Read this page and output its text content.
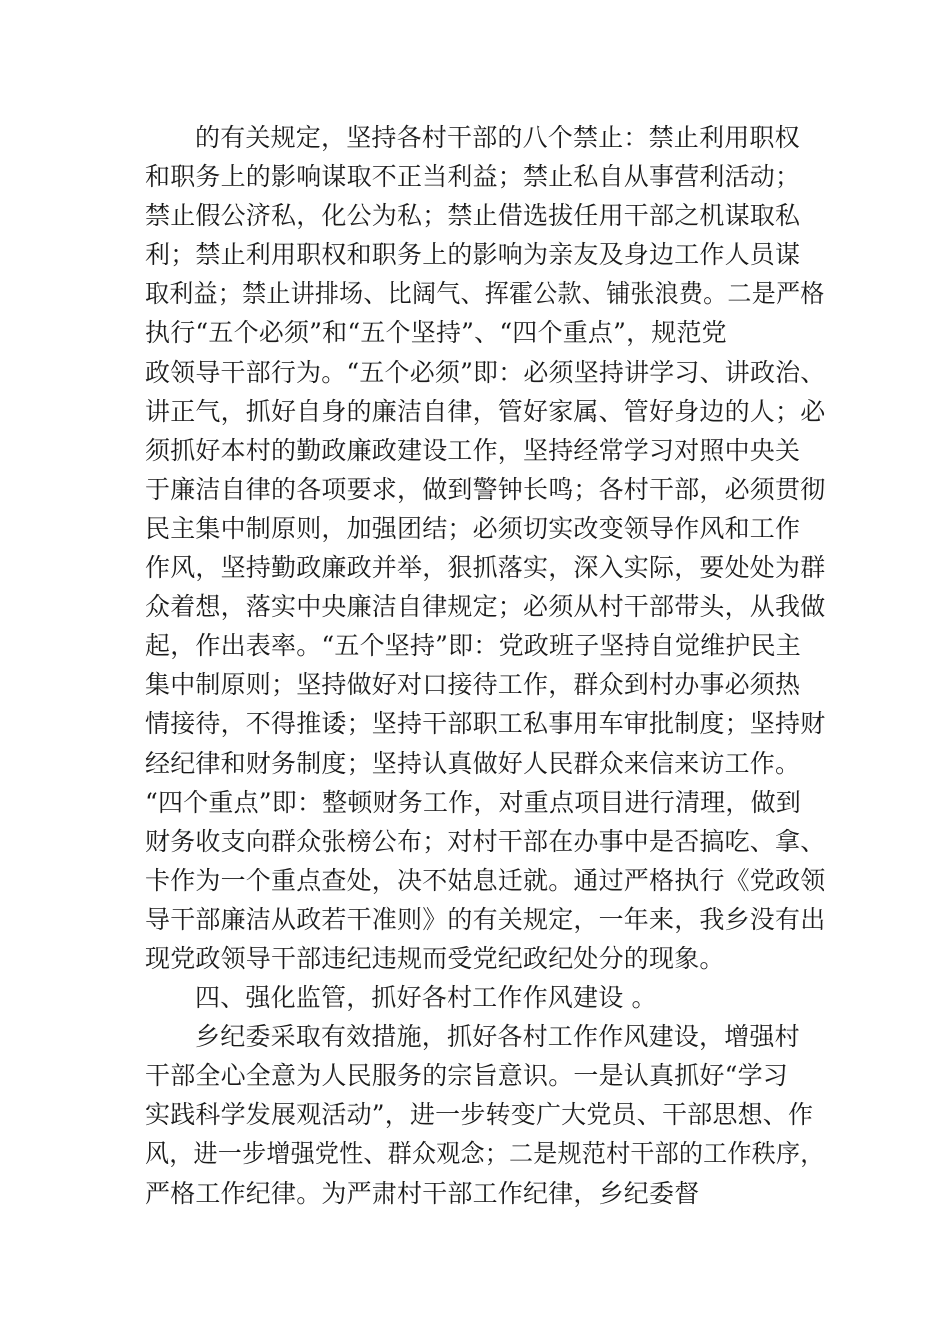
的有关规定，坚持各村干部的八个禁止：禁止利用职权
和职务上的影响谋取不正当利益；禁止私自从事营利活动；
禁止假公济私，化公为私；禁止借选拔任用干部之机谋取私
利；禁止利用职权和职务上的影响为亲友及身边工作人员谋
取利益；禁止讲排场、比阔气、挥霍公款、铺张浪费。二是严格
执行“五个必须”和“五个坚持”、“四个重点”，规范党
政领导干部行为。“五个必须”即：必须坚持讲学习、讲政治、
讲正气，抓好自身的廉洁自律，管好家属、管好身边的人；必
须抓好本村的勤政廉政建设工作，坚持经常学习对照中央关
于廉洁自律的各项要求，做到警钟长鸣；各村干部，必须贯彻
民主集中制原则，加强团结；必须切实改变领导作风和工作
作风，坚持勤政廉政并举，狠抓落实，深入实际，要处处为群
众着想，落实中央廉洁自律规定；必须从村干部带头，从我做
起，作出表率。“五个坚持”即：党政班子坚持自觉维护民主
集中制原则；坚持做好对口接待工作，群众到村办事必须热
情接待，不得推诿；坚持干部职工私事用车审批制度；坚持财
经纪律和财务制度；坚持认真做好人民群众来信来访工作。
“四个重点”即：整顿财务工作，对重点项目进行清理，做到
财务收支向群众张榜公布；对村干部在办事中是否搞吃、拿、
卡作为一个重点查处，决不姑息迁就。通过严格执行《党政领
导干部廉洁从政若干准则》的有关规定，一年来，我乡没有出
现党政领导干部违纪违规而受党纪政纪处分的现象。
四、强化监管，抓好各村工作作风建设 。
乡纪委采取有效措施，抓好各村工作作风建设，增强村
干部全心全意为人民服务的宗旨意识。一是认真抓好“学习
实践科学发展观活动”，进一步转变广大党员、干部思想、作
风，进一步增强党性、群众观念；二是规范村干部的工作秩序，
严格工作纪律。为严肃村干部工作纪律，乡纪委督
